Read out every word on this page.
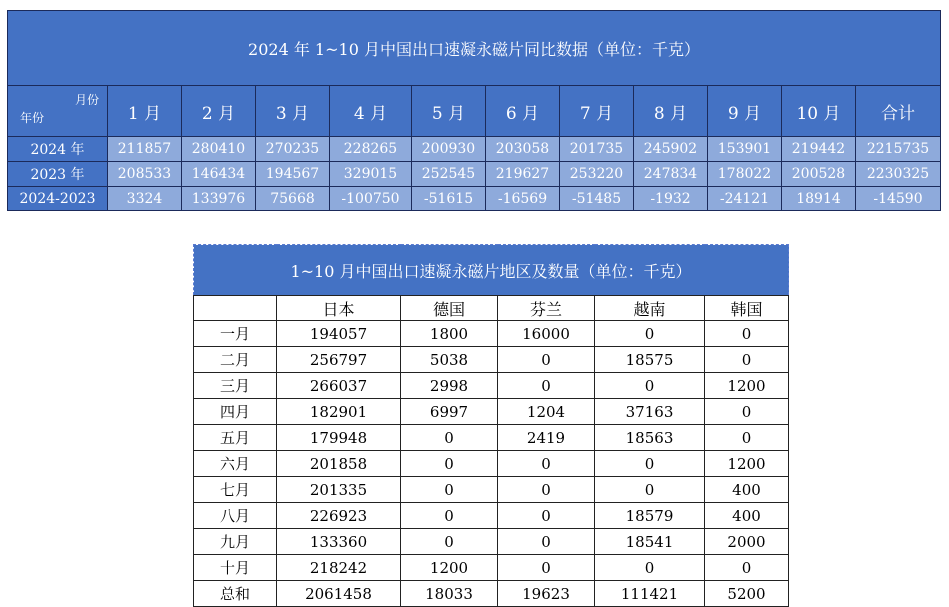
2024 年 1~10 月中国出口速凝永磁片同比数据（单位：千克）											

月份
年份	1 月	2 月	3 月	4 月	5 月	6 月	7 月	8 月	9 月	10 月	合计
2024 年	211857	280410	270235	228265	200930	203058	201735	245902	153901	219442	2215735
2023 年	208533	146434	194567	329015	252545	219627	253220	247834	178022	200528	2230325
2024-2023	3324	133976	75668	-100750	-51615	-16569	-51485	-1932	-24121	18914	-14590
1~10 月中国出口速凝永磁片地区及数量（单位：千克）					
	日本	德国	芬兰	越南	韩国
一月	194057	1800	16000	0	0
二月	256797	5038	0	18575	0
三月	266037	2998	0	0	1200
四月	182901	6997	1204	37163	0
五月	179948	0	2419	18563	0
六月	201858	0	0	0	1200
七月	201335	0	0	0	400
八月	226923	0	0	18579	400
九月	133360	0	0	18541	2000
十月	218242	1200	0	0	0
总和	2061458	18033	19623	111421	5200
